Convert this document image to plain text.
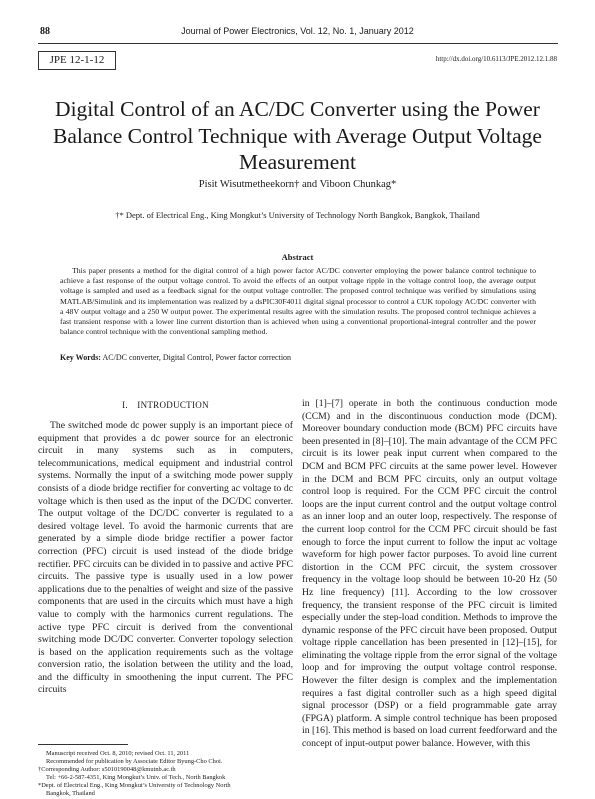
88	Journal of Power Electronics, Vol. 12, No. 1, January 2012
JPE 12-1-12	http://dx.doi.org/10.6113/JPE.2012.12.1.88
Digital Control of an AC/DC Converter using the Power Balance Control Technique with Average Output Voltage Measurement
Pisit Wisutmetheekorn† and Viboon Chunkag*
†* Dept. of Electrical Eng., King Mongkut’s University of Technology North Bangkok, Bangkok, Thailand
Abstract
This paper presents a method for the digital control of a high power factor AC/DC converter employing the power balance control technique to achieve a fast response of the output voltage control. To avoid the effects of an output voltage ripple in the voltage control loop, the average output voltage is sampled and used as a feedback signal for the output voltage controller. The proposed control technique was verified by simulations using MATLAB/Simulink and its implementation was realized by a dsPIC30F4011 digital signal processor to control a CUK topology AC/DC converter with a 48V output voltage and a 250 W output power. The experimental results agree with the simulation results. The proposed control technique achieves a fast transient response with a lower line current distortion than is achieved when using a conventional proportional-integral controller and the power balance control technique with the conventional sampling method.
Key Words: AC/DC converter, Digital Control, Power factor correction
I. INTRODUCTION
The switched mode dc power supply is an important piece of equipment that provides a dc power source for an electronic circuit in many systems such as in computers, telecommunications, medical equipment and industrial control systems. Normally the input of a switching mode power supply consists of a diode bridge rectifier for converting ac voltage to dc voltage which is then used as the input of the DC/DC converter. The output voltage of the DC/DC converter is regulated to a desired voltage level. To avoid the harmonic currents that are generated by a simple diode bridge rectifier a power factor correction (PFC) circuit is used instead of the diode bridge rectifier. PFC circuits can be divided in to passive and active PFC circuits. The passive type is usually used in a low power applications due to the penalties of weight and size of the passive components that are used in the circuits which must have a high value to comply with the harmonics current regulations. The active type PFC circuit is derived from the conventional switching mode DC/DC converter. Converter topology selection is based on the application requirements such as the voltage conversion ratio, the isolation between the utility and the load, and the difficulty in smoothening the input current. The PFC circuits
in [1]–[7] operate in both the continuous conduction mode (CCM) and in the discontinuous conduction mode (DCM). Moreover boundary conduction mode (BCM) PFC circuits have been presented in [8]–[10]. The main advantage of the CCM PFC circuit is its lower peak input current when compared to the DCM and BCM PFC circuits at the same power level. However in the DCM and BCM PFC circuits, only an output voltage control loop is required. For the CCM PFC circuit the control loops are the input current control and the output voltage control as an inner loop and an outer loop, respectively. The response of the current loop control for the CCM PFC circuit should be fast enough to force the input current to follow the input ac voltage waveform for high power factor purposes. To avoid line current distortion in the CCM PFC circuit, the system crossover frequency in the voltage loop should be between 10-20 Hz (50 Hz line frequency) [11]. According to the low crossover frequency, the transient response of the PFC circuit is limited especially under the step-load condition. Methods to improve the dynamic response of the PFC circuit have been proposed. Output voltage ripple cancellation has been presented in [12]–[15], for eliminating the voltage ripple from the error signal of the voltage loop and for improving the output voltage control response. However the filter design is complex and the implementation requires a fast digital controller such as a high speed digital signal processor (DSP) or a field programmable gate array (FPGA) platform. A simple control technique has been proposed in [16]. This method is based on load current feedforward and the concept of input-output power balance. However, with this
Manuscript received Oct. 8, 2010; revised Oct. 11, 2011
Recommended for publication by Associate Editor Byung-Cho Choi.
†Corresponding Author: s5010190048@kmutnb.ac.th
Tel: +66-2-587-4351, King Mongkut’s Univ. of Tech., North Bangkok
*Dept. of Electrical Eng., King Mongkut’s University of Technology North
Bangkok, Thailand
